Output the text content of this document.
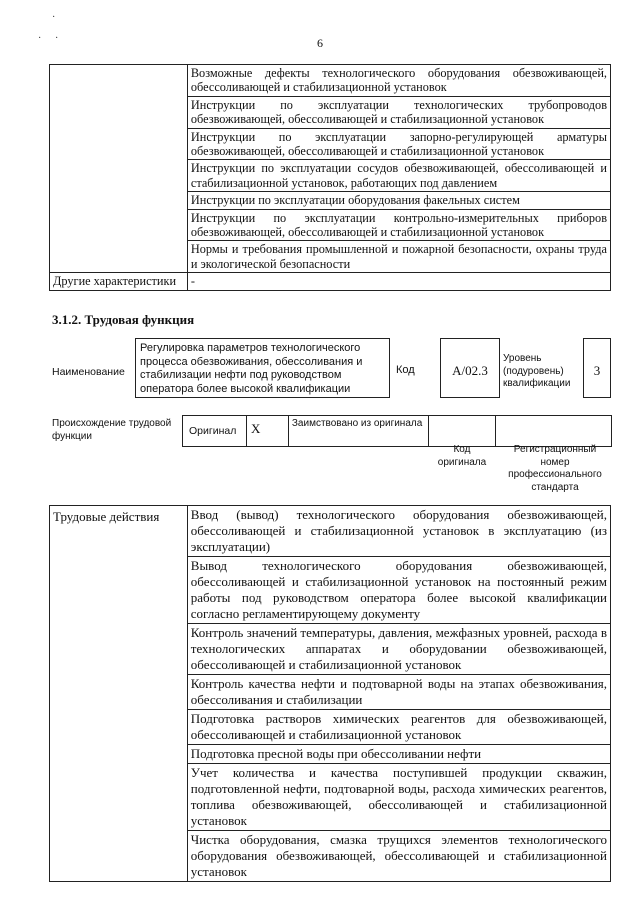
·
· ·	6
	Возможные дефекты технологического оборудования обезвоживающей, обессоливающей и стабилизационной установок
	Инструкции по эксплуатации технологических трубопроводов обезвоживающей, обессоливающей и стабилизационной установок
	Инструкции по эксплуатации запорно-регулирующей арматуры обезвоживающей, обессоливающей и стабилизационной установок
	Инструкции по эксплуатации сосудов обезвоживающей, обессоливающей и стабилизационной установок, работающих под давлением
	Инструкции по эксплуатации оборудования факельных систем
	Инструкции по эксплуатации контрольно-измерительных приборов обезвоживающей, обессоливающей и стабилизационной установок
	Нормы и требования промышленной и пожарной безопасности, охраны труда и экологической безопасности
Другие характеристики	-
3.1.2. Трудовая функция
Наименование
Регулировка параметров технологического процесса обезвоживания, обессоливания и стабилизации нефти под руководством оператора более высокой квалификации
Код	A/02.3
Уровень (подуровень) квалификации
3
Происхождение трудовой функции	Оригинал	X	Заимствовано из оригинала		
Код оригинала
Регистрационный номер профессионального стандарта
Трудовые действия	Ввод (вывод) технологического оборудования обезвоживающей, обессоливающей и стабилизационной установок в эксплуатацию (из эксплуатации)
Вывод технологического оборудования обезвоживающей, обессоливающей и стабилизационной установок на постоянный режим работы под руководством оператора более высокой квалификации согласно регламентирующему документу
Контроль значений температуры, давления, межфазных уровней, расхода в технологических аппаратах и оборудовании обезвоживающей, обессоливающей и стабилизационной установок
Контроль качества нефти и подтоварной воды на этапах обезвоживания, обессоливания и стабилизации
Подготовка растворов химических реагентов для обезвоживающей, обессоливающей и стабилизационной установок
Подготовка пресной воды при обессоливании нефти
Учет количества и качества поступившей продукции скважин, подготовленной нефти, подтоварной воды, расхода химических реагентов, топлива обезвоживающей, обессоливающей и стабилизационной установок
Чистка оборудования, смазка трущихся элементов технологического оборудования обезвоживающей, обессоливающей и стабилизационной установок
